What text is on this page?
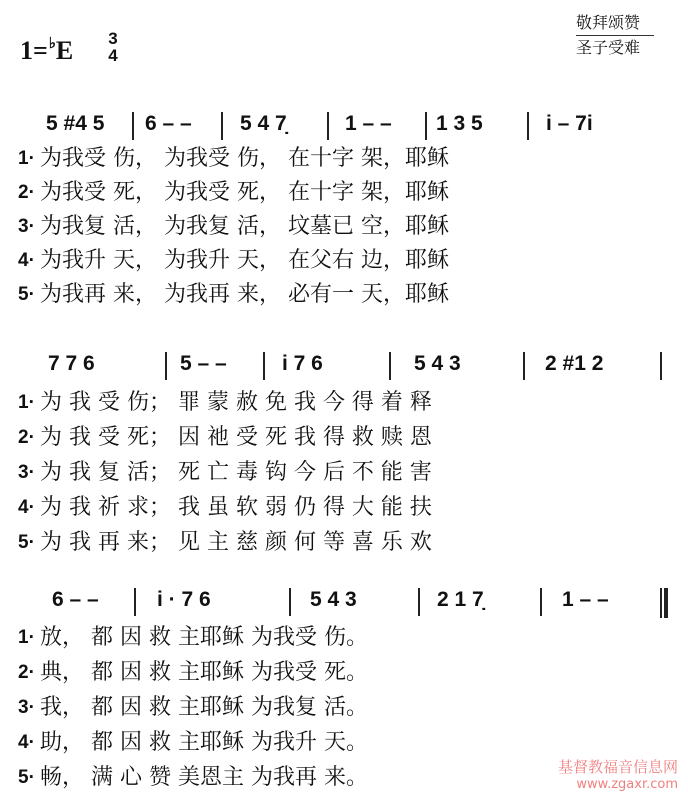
1=♭E	3
4
敬拜颂赞
圣子受难
5 #4 5 6 – – 5 4 7̣	1 – – 1 3 5	i – 7i
1· 为我受 伤， 为我受 伤， 在十字 架，耶稣
2· 为我受 死， 为我受 死， 在十字 架，耶稣
3· 为我复 活， 为我复 活， 坟墓已 空，耶稣
4· 为我升 天， 为我升 天， 在父右 边，耶稣
5· 为我再 来， 为我再 来， 必有一 天，耶稣
7 7 6	5 – –	i 7 6	5 4 3	2 #1 2
1· 为 我 受 伤； 罪 蒙 赦 免 我 今 得 着 释
2· 为 我 受 死； 因 祂 受 死 我 得 救 赎 恩
3· 为 我 复 活； 死 亡 毒 钩 今 后 不 能 害
4· 为 我 祈 求； 我 虽 软 弱 仍 得 大 能 扶
5· 为 我 再 来； 见 主 慈 颜 何 等 喜 乐 欢
6 – –	i · 7 6	5 4 3	2 1 7̣	1 – –
1· 放， 都 因 救 主耶稣 为我受 伤。
2· 典， 都 因 救 主耶稣 为我受 死。
3· 我， 都 因 救 主耶稣 为我复 活。
4· 助， 都 因 救 主耶稣 为我升 天。
5· 畅， 满 心 赞 美恩主 为我再 来。	基督教福音信息网
www.zgaxr.com
